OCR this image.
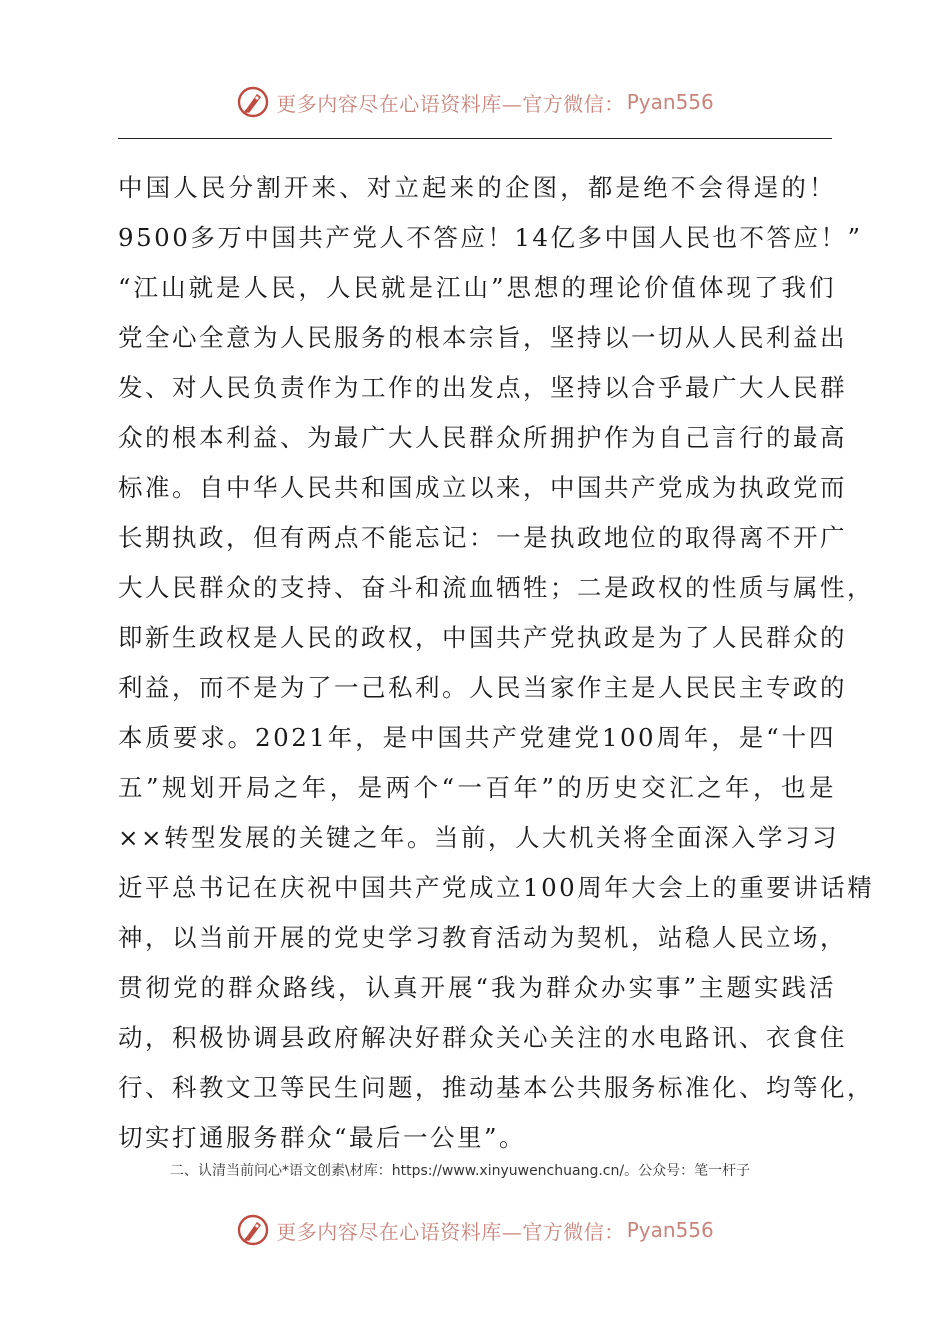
更多内容尽在心语资料库—官方微信： Pyan556
中国人民分割开来、对立起来的企图，都是绝不会得逞的！
9500多万中国共产党人不答应！14亿多中国人民也不答应！”
“江山就是人民，人民就是江山”思想的理论价值体现了我们
党全心全意为人民服务的根本宗旨，坚持以一切从人民利益出
发、对人民负责作为工作的出发点，坚持以合乎最广大人民群
众的根本利益、为最广大人民群众所拥护作为自己言行的最高
标准。自中华人民共和国成立以来，中国共产党成为执政党而
长期执政，但有两点不能忘记：一是执政地位的取得离不开广
大人民群众的支持、奋斗和流血牺牲；二是政权的性质与属性，
即新生政权是人民的政权，中国共产党执政是为了人民群众的
利益，而不是为了一己私利。人民当家作主是人民民主专政的
本质要求。2021年，是中国共产党建党100周年，是“十四
五”规划开局之年，是两个“一百年”的历史交汇之年，也是
××转型发展的关键之年。当前，人大机关将全面深入学习习
近平总书记在庆祝中国共产党成立100周年大会上的重要讲话精
神，以当前开展的党史学习教育活动为契机，站稳人民立场，
贯彻党的群众路线，认真开展“我为群众办实事”主题实践活
动，积极协调县政府解决好群众关心关注的水电路讯、衣食住
行、科教文卫等民生问题，推动基本公共服务标准化、均等化，
切实打通服务群众“最后一公里”。
二、认清当前问心*语文创素\材库：https://www.xinyuwenchuang.cn/。公众号：笔一杆子
更多内容尽在心语资料库—官方微信： Pyan556
